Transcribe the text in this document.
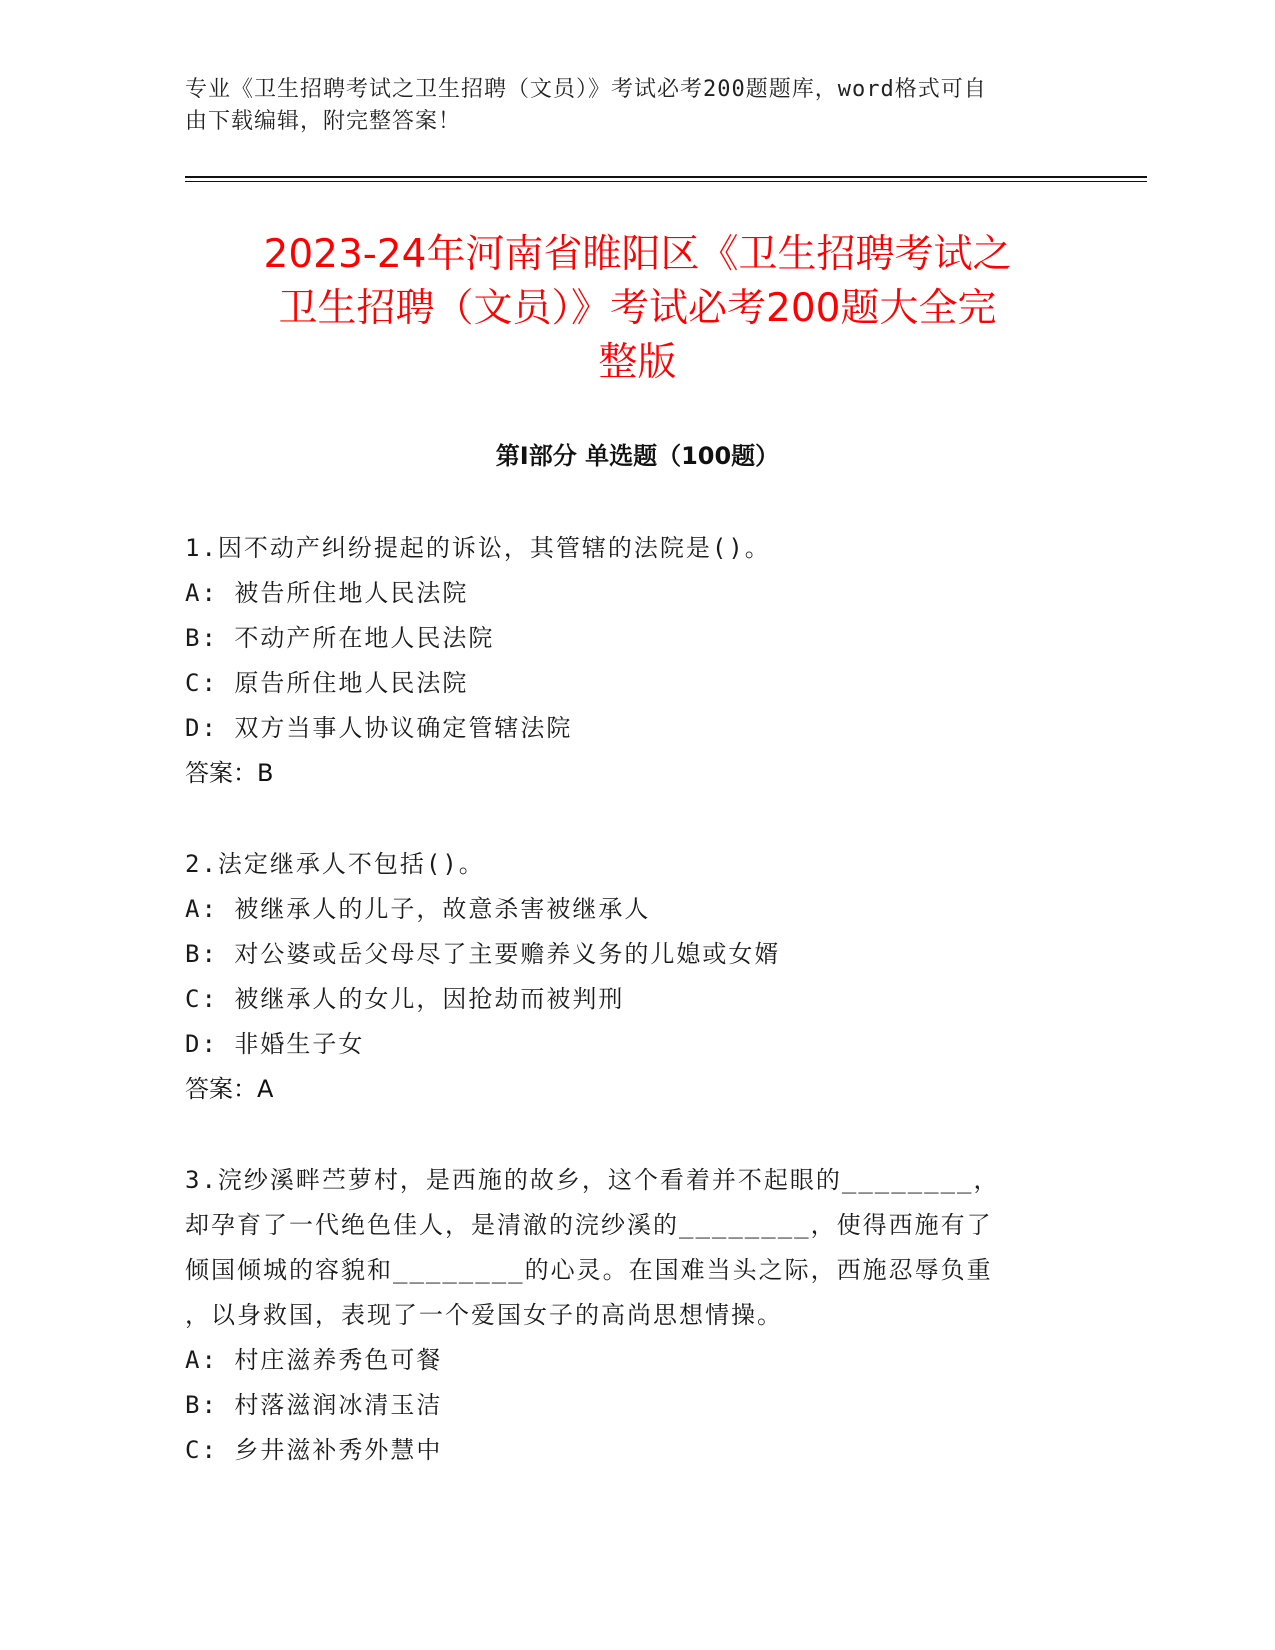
专业《卫生招聘考试之卫生招聘（文员）》考试必考200题题库，word格式可自
由下载编辑，附完整答案！
2023-24年河南省睢阳区《卫生招聘考试之
卫生招聘（文员）》考试必考200题大全完
整版
第I部分 单选题（100题）
1.因不动产纠纷提起的诉讼，其管辖的法院是()。
A: 被告所住地人民法院
B: 不动产所在地人民法院
C: 原告所住地人民法院
D: 双方当事人协议确定管辖法院
答案：B
2.法定继承人不包括()。
A: 被继承人的儿子，故意杀害被继承人
B: 对公婆或岳父母尽了主要赡养义务的儿媳或女婿
C: 被继承人的女儿，因抢劫而被判刑
D: 非婚生子女
答案：A
3.浣纱溪畔苎萝村，是西施的故乡，这个看着并不起眼的________，
却孕育了一代绝色佳人，是清澈的浣纱溪的________，使得西施有了
倾国倾城的容貌和________的心灵。在国难当头之际，西施忍辱负重
，以身救国，表现了一个爱国女子的高尚思想情操。
A: 村庄滋养秀色可餐
B: 村落滋润冰清玉洁
C: 乡井滋补秀外慧中
